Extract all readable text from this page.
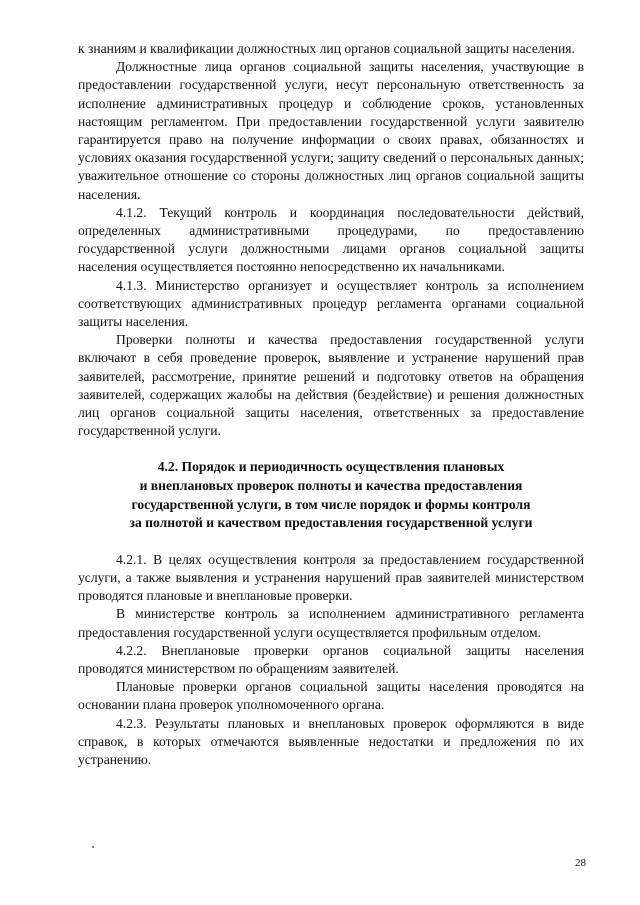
к знаниям и квалификации должностных лиц органов социальной защиты населения.

Должностные лица органов социальной защиты населения, участвующие в предоставлении государственной услуги, несут персональную ответственность за исполнение административных процедур и соблюдение сроков, установленных настоящим регламентом. При предоставлении государственной услуги заявителю гарантируется право на получение информации о своих правах, обязанностях и условиях оказания государственной услуги; защиту сведений о персональных данных; уважительное отношение со стороны должностных лиц органов социальной защиты населения.

4.1.2. Текущий контроль и координация последовательности действий, определенных административными процедурами, по предоставлению государственной услуги должностными лицами органов социальной защиты населения осуществляется постоянно непосредственно их начальниками.

4.1.3. Министерство организует и осуществляет контроль за исполнением соответствующих административных процедур регламента органами социальной защиты населения.

Проверки полноты и качества предоставления государственной услуги включают в себя проведение проверок, выявление и устранение нарушений прав заявителей, рассмотрение, принятие решений и подготовку ответов на обращения заявителей, содержащих жалобы на действия (бездействие) и решения должностных лиц органов социальной защиты населения, ответственных за предоставление государственной услуги.

4.2. Порядок и периодичность осуществления плановых
и внеплановых проверок полноты и качества предоставления
государственной услуги, в том числе порядок и формы контроля
за полнотой и качеством предоставления государственной услуги

4.2.1. В целях осуществления контроля за предоставлением государственной услуги, а также выявления и устранения нарушений прав заявителей министерством проводятся плановые и внеплановые проверки.

В министерстве контроль за исполнением административного регламента предоставления государственной услуги осуществляется профильным отделом.

4.2.2. Внеплановые проверки органов социальной защиты населения проводятся министерством по обращениям заявителей.

Плановые проверки органов социальной защиты населения проводятся на основании плана проверок уполномоченного органа.

4.2.3. Результаты плановых и внеплановых проверок оформляются в виде справок, в которых отмечаются выявленные недостатки и предложения по их устранению.

28
